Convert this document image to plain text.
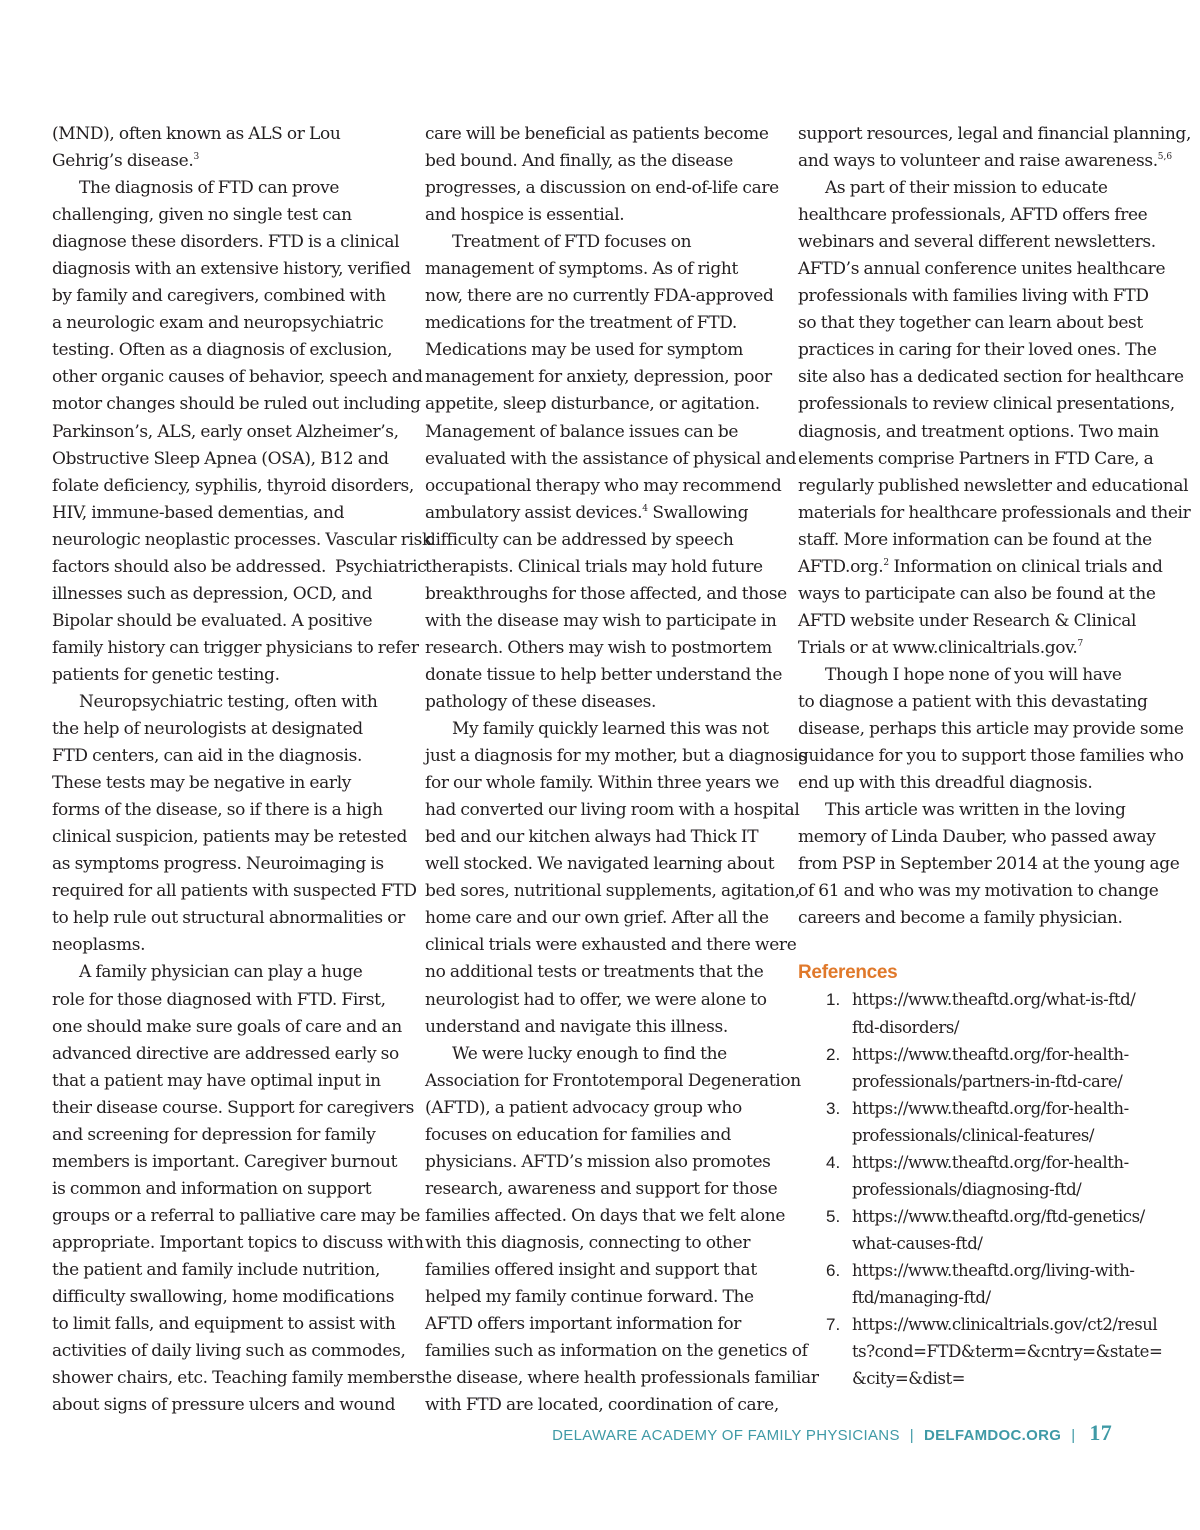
(MND), often known as ALS or Lou
Gehrig’s disease.$^3$
The diagnosis of FTD can prove
challenging, given no single test can
diagnose these disorders. FTD is a clinical
diagnosis with an extensive history, verified
by family and caregivers, combined with
a neurologic exam and neuropsychiatric
testing. Often as a diagnosis of exclusion,
other organic causes of behavior, speech and
motor changes should be ruled out including
Parkinson’s, ALS, early onset Alzheimer’s,
Obstructive Sleep Apnea (OSA), B12 and
folate deficiency, syphilis, thyroid disorders,
HIV, immune-based dementias, and
neurologic neoplastic processes. Vascular risk
factors should also be addressed.  Psychiatric
illnesses such as depression, OCD, and
Bipolar should be evaluated. A positive
family history can trigger physicians to refer
patients for genetic testing.
Neuropsychiatric testing, often with
the help of neurologists at designated
FTD centers, can aid in the diagnosis.
These tests may be negative in early
forms of the disease, so if there is a high
clinical suspicion, patients may be retested
as symptoms progress. Neuroimaging is
required for all patients with suspected FTD
to help rule out structural abnormalities or
neoplasms.
A family physician can play a huge
role for those diagnosed with FTD. First,
one should make sure goals of care and an
advanced directive are addressed early so
that a patient may have optimal input in
their disease course. Support for caregivers
and screening for depression for family
members is important. Caregiver burnout
is common and information on support
groups or a referral to palliative care may be
appropriate. Important topics to discuss with
the patient and family include nutrition,
difficulty swallowing, home modifications
to limit falls, and equipment to assist with
activities of daily living such as commodes,
shower chairs, etc. Teaching family members
about signs of pressure ulcers and wound
care will be beneficial as patients become
bed bound. And finally, as the disease
progresses, a discussion on end-of-life care
and hospice is essential.
Treatment of FTD focuses on
management of symptoms. As of right
now, there are no currently FDA-approved
medications for the treatment of FTD.
Medications may be used for symptom
management for anxiety, depression, poor
appetite, sleep disturbance, or agitation.
Management of balance issues can be
evaluated with the assistance of physical and
occupational therapy who may recommend
ambulatory assist devices.$^4$ Swallowing
difficulty can be addressed by speech
therapists. Clinical trials may hold future
breakthroughs for those affected, and those
with the disease may wish to participate in
research. Others may wish to postmortem
donate tissue to help better understand the
pathology of these diseases.
My family quickly learned this was not
just a diagnosis for my mother, but a diagnosis
for our whole family. Within three years we
had converted our living room with a hospital
bed and our kitchen always had Thick IT
well stocked. We navigated learning about
bed sores, nutritional supplements, agitation,
home care and our own grief. After all the
clinical trials were exhausted and there were
no additional tests or treatments that the
neurologist had to offer, we were alone to
understand and navigate this illness.
We were lucky enough to find the
Association for Frontotemporal Degeneration
(AFTD), a patient advocacy group who
focuses on education for families and
physicians. AFTD’s mission also promotes
research, awareness and support for those
families affected. On days that we felt alone
with this diagnosis, connecting to other
families offered insight and support that
helped my family continue forward. The
AFTD offers important information for
families such as information on the genetics of
the disease, where health professionals familiar
with FTD are located, coordination of care,
support resources, legal and financial planning,
and ways to volunteer and raise awareness.$^{5,6}$
As part of their mission to educate
healthcare professionals, AFTD offers free
webinars and several different newsletters.
AFTD’s annual conference unites healthcare
professionals with families living with FTD
so that they together can learn about best
practices in caring for their loved ones. The
site also has a dedicated section for healthcare
professionals to review clinical presentations,
diagnosis, and treatment options. Two main
elements comprise Partners in FTD Care, a
regularly published newsletter and educational
materials for healthcare professionals and their
staff. More information can be found at the
AFTD.org.$^2$ Information on clinical trials and
ways to participate can also be found at the
AFTD website under Research & Clinical
Trials or at www.clinicaltrials.gov.$^7$
Though I hope none of you will have
to diagnose a patient with this devastating
disease, perhaps this article may provide some
guidance for you to support those families who
end up with this dreadful diagnosis.
This article was written in the loving
memory of Linda Dauber, who passed away
from PSP in September 2014 at the young age
of 61 and who was my motivation to change
careers and become a family physician.
References
1. https://www.theaftd.org/what-is-ftd/
ftd-disorders/
2. https://www.theaftd.org/for-health-
professionals/partners-in-ftd-care/
3. https://www.theaftd.org/for-health-
professionals/clinical-features/
4. https://www.theaftd.org/for-health-
professionals/diagnosing-ftd/
5. https://www.theaftd.org/ftd-genetics/
what-causes-ftd/
6. https://www.theaftd.org/living-with-
ftd/managing-ftd/
7. https://www.clinicaltrials.gov/ct2/resul
ts?cond=FTD&term=&cntry=&state=
&city=&dist=
DELAWARE ACADEMY OF FAMILY PHYSICIANS | DELFAMDOC.ORG | 17
